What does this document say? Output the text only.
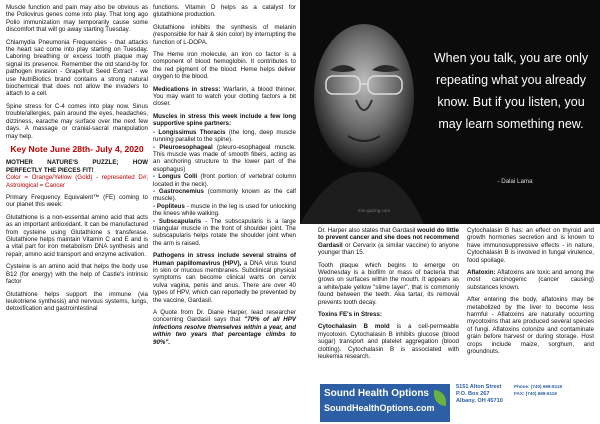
Muscle function and pain may also be obvious as the Poliovirus genes come into play. That long ago Polio immunization may temporarily cause some discomfort that will go away starting Tuesday.

Chlamydia Pneumonia Frequencies - that attacks the heart sac come into play starting on Tuesday. Laboring breathing or excess tooth plaque may signal its presence. Remember the old stand-by for pathogen invasion - Grapefruit Seed Extract - we use NutriBiotics brand contains a strong natural biochemical that does not allow the invaders to attach to a cell.

Spine stress for C-4 comes into play now. Sinus trouble/allergies, pain around the eyes, headaches, dizziness, earache may surface over the next few days. A massage or cranial-sacral manipulation may help.

Key Note June 28th- July 4, 2020

MOTHER NATURE'S PUZZLE; HOW PERFECTLY THE PIECES FIT!
Color = Orange/Yellow (Gold) - represented D#; Astrological = Cancer

Primary Frequency Equivalent™ (FE) coming to our planet this week:

Glutathione is a non-essential amino acid that acts as an important antioxidant. It can be manufactured from cysteine using Glutathione s transferase. Glutathione helps maintain Vitamin C and E and is a vital part for iron metabolism DNA synthesis and repair, amino acid transport and enzyme activation.

Cysteine is an amino acid that helps the body use B12 (for energy) with the help of Castle's intrinsic factor

Glutathione helps support the immune (via leukotriene synthesis) and nervous systems, lungs, detoxification and gastrointestinal

functions. Vitamin D helps as a catalyst for glutathione production.

Glutathione inhibits the synthesis of melanin (responsible for hair & skin color) by interrupting the function of L-DOPA.

The Heme iron molecule, an iron co factor is a component of blood hemoglobin. It contributes to the red pigment of the blood. Heme helps deliver oxygen to the blood.

Medications in stress: Warfarin, a blood thinner. You may want to watch your clotting factors a bit closer.

Muscles in stress this week include a few long supportive spine partners:

- Longissimus Thoracis (the long, deep muscle running parallel to the spine).
- Pleuroesophageal (pleuro-esophageal muscle. This muscle was made of smooth fibers, acting as an anchoring structure to the lower part of the esophagus)
- Longus Colli (front portion of vertebral column located in the neck).
- Gastrocnemius (commonly known as the calf muscle).
- Popliteus - muscle in the leg is used for unlocking the knees while walking.

- Subscapularis - The subscapularis is a large triangular muscle in the front of shoulder joint. The subscapularis helps rotate the shoulder joint when the arm is raised.

Pathogens in stress include several strains of Human papillomavirus (HPV), a DNA virus found in skin or mucous membranes. Subclinical physical symptoms can become clinical warts on cervix vulva vagina, penis and anus. There are over 40 types of HPV, which can reportedly be prevented by the vaccine, Gardasil.

A Quote from Dr. Diane Harper, lead researcher concerning Gardasil says that "70% of all HPV infections resolve themselves within a year, and within two years that percentage climbs to 90%".

When you talk, you are only repeating what you already know. But if you listen, you may learn something new.
- Dalai Lama
mm-gazing.com

Dr. Harper also states that Gardasil would do little to prevent cancer and she does not recommend Gardasil or Cervarix (a similar vaccine) to anyone younger than 15.

Tooth plaque which begins to emerge on Wednesday is a biofilm or mass of bacteria that grows on surfaces within the mouth. It appears as a white/pale yellow "slime layer", that is commonly found between the teeth. Aka tartar, its removal prevents tooth decay.

Toxins FE's in Stress:

Cytochalasin B mold is a cell-permeable mycotoxin. Cytochalasin B inhibits glucose (blood sugar) transport and platelet aggregation (blood clotting). Cytochalasin B is associated with leukemia research.

Cytochalasin B has: an effect on thyroid and growth hormones secretion and is known to have immunosuppressive effects - in nature, Cytochalasin B is involved in fungal virulence, food spoilage.

Aflatoxin: Aflatoxins are toxic and among the most carcinogenic (cancer causing) substances known.

After entering the body, aflatoxins may be metabolized by the liver to become less harmful - Aflatoxins are naturally occurring mycotoxins that are produced several species of fungi. Aflatoxins colonize and contaminate grain before harvest or during storage. Host crops include maize, sorghum, and groundnuts.

Sound Health Options
SoundHealthOptions.com
5151 Alton Street
P.O. Box 267
Albany, OH 45710
Phone: (740) 698-9119
FAX: (740) 698-6116
